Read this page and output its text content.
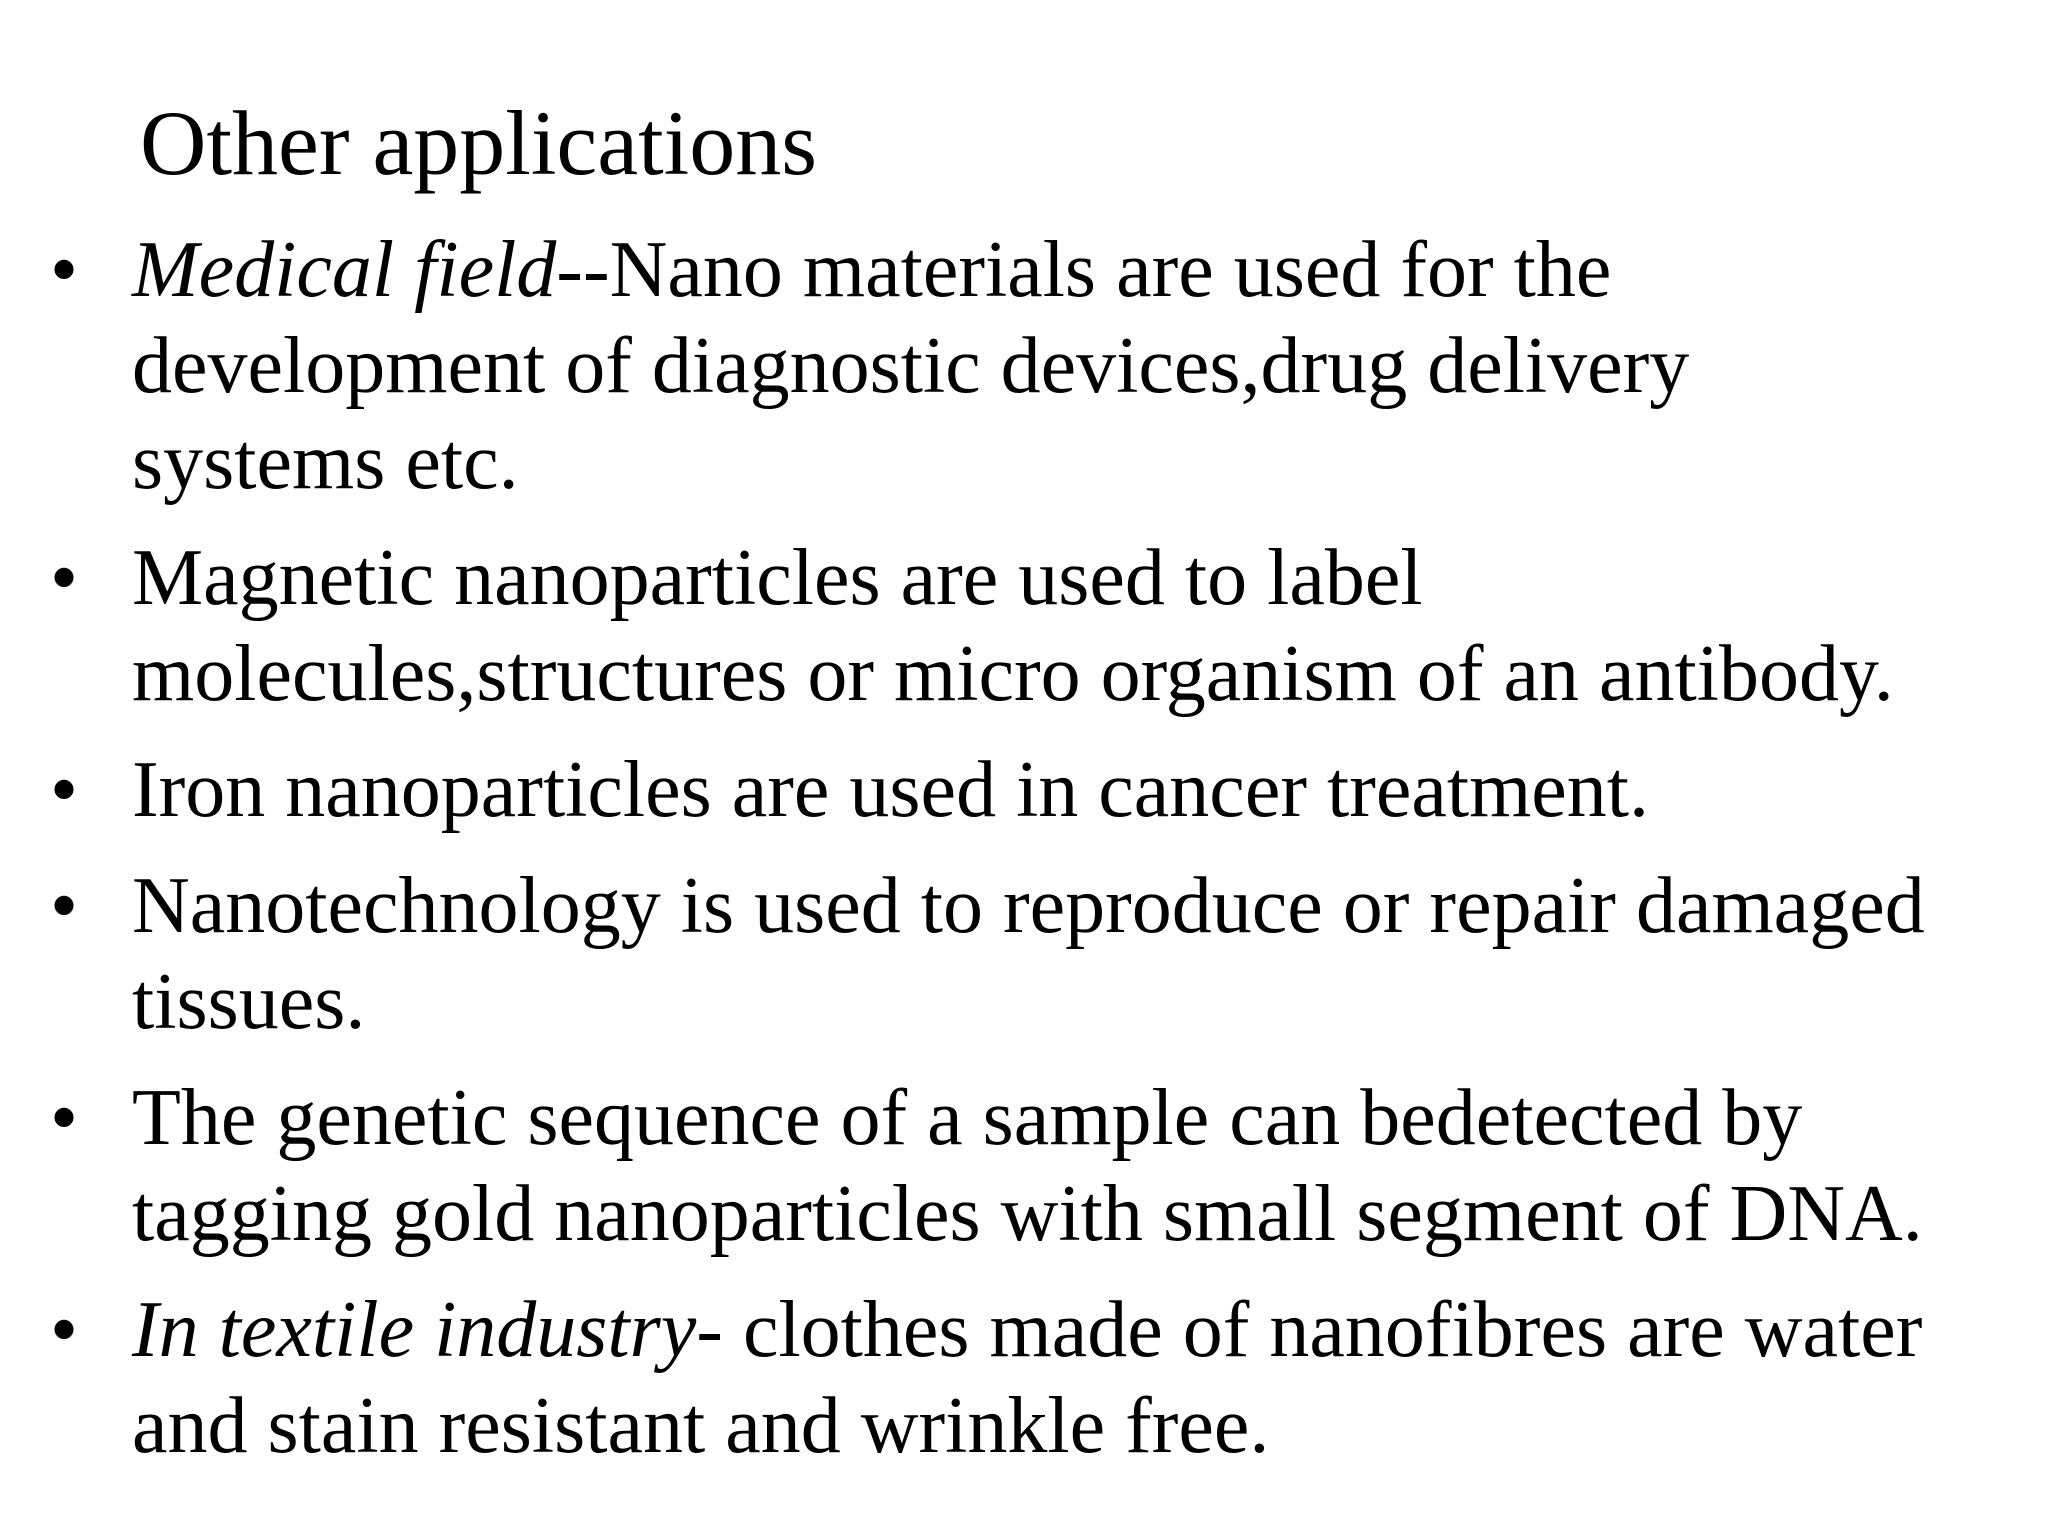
Other applications
• Medical field--Nano materials are used for the
development of diagnostic devices,drug delivery
systems etc.
• Magnetic nanoparticles are used to label
molecules,structures or micro organism of an antibody.
• Iron nanoparticles are used in cancer treatment.
• Nanotechnology is used to reproduce or repair damaged
tissues.
• The genetic sequence of a sample can bedetected by
tagging gold nanoparticles with small segment of DNA.
• In textile industry- clothes made of nanofibres are water
and stain resistant and wrinkle free.
